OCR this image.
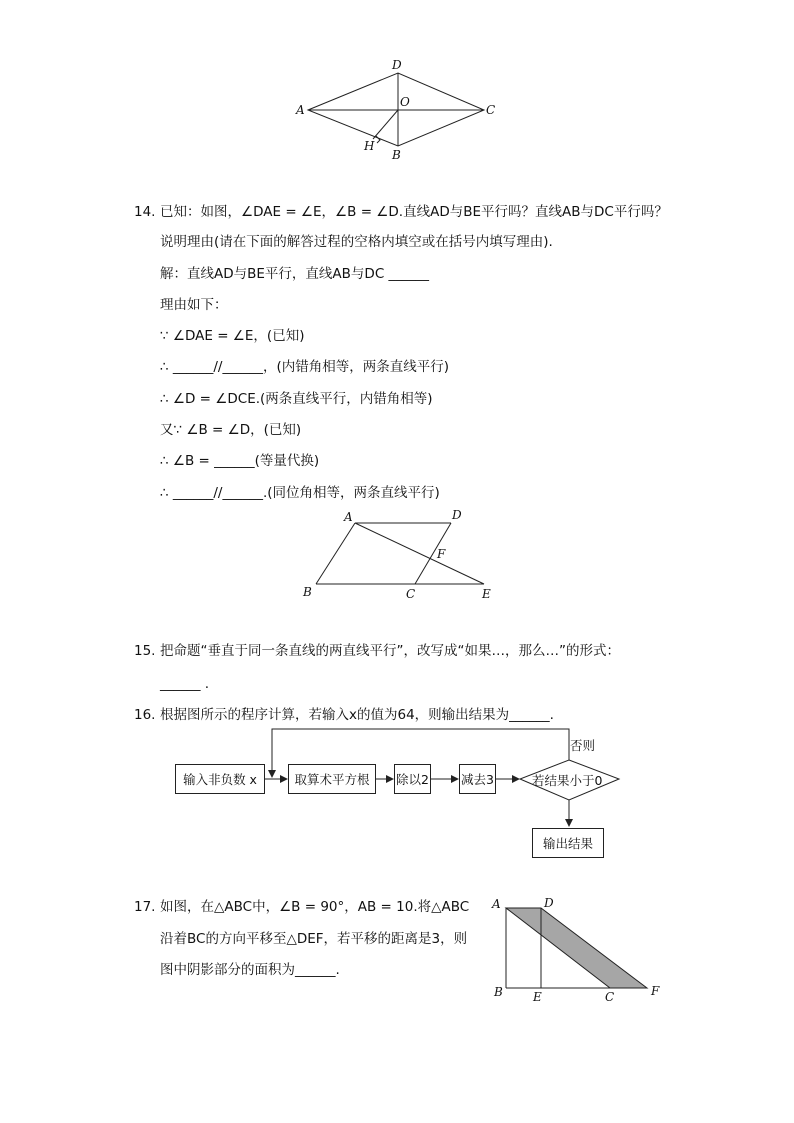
D
A	C
O
H
B
14. 已知：如图，∠DAE = ∠E，∠B = ∠D.直线AD与BE平行吗？直线AB与DC平行吗？
说明理由(请在下面的解答过程的空格内填空或在括号内填写理由).
解：直线AD与BE平行，直线AB与DC ______
理由如下：
∵ ∠DAE = ∠E，(已知)
∴ ______//______，(内错角相等，两条直线平行)
∴ ∠D = ∠DCE.(两条直线平行，内错角相等)
又∵ ∠B = ∠D，(已知)
∴ ∠B = ______(等量代换)
∴ ______//______.(同位角相等，两条直线平行)
A	D
F
B	C	E
15. 把命题“垂直于同一条直线的两直线平行”，改写成“如果…，那么…”的形式：
______ .
16. 根据图所示的程序计算，若输入x的值为64，则输出结果为______.
输入非负数 x	取算术平方根 除以2	减去3	若结果小于0
否则
输出结果
17. 如图，在△ABC中，∠B = 90°，AB = 10.将△ABC
沿着BC的方向平移至△DEF，若平移的距离是3，则
图中阴影部分的面积为______.
A	D
B	E	C	F
